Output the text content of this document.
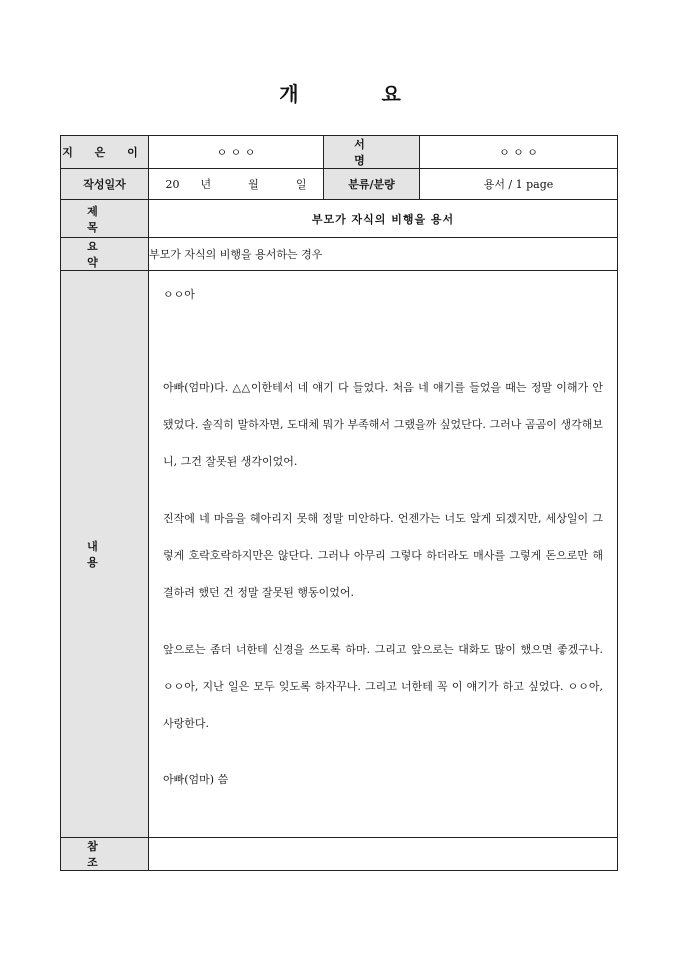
개 요
지 은 이	ㅇ ㅇ ㅇ	서 명	ㅇ ㅇ ㅇ
작성일자	20 년 월 일	분류/분량	용서 / 1 page
제 목	부모가 자식의 비행을 용서		
요 약	부모가 자식의 비행을 용서하는 경우		
내 용	ㅇㅇ아

아빠(엄마)다. △△이한테서 네 얘기 다 들었다. 처음 네 얘기를 들었을 때는 정말 이해가 안 됐었다. 솔직히 말하자면, 도대체 뭐가 부족해서 그랬을까 싶었단다. 그러나 곰곰이 생각해보니, 그건 잘못된 생각이었어.

진작에 네 마음을 헤아리지 못해 정말 미안하다. 언젠가는 너도 알게 되겠지만, 세상일이 그렇게 호락호락하지만은 않단다. 그러나 아무리 그렇다 하더라도 매사를 그렇게 돈으로만 해결하려 했던 건 정말 잘못된 행동이었어.

앞으로는 좀더 너한테 신경을 쓰도록 하마. 그리고 앞으로는 대화도 많이 했으면 좋겠구나. ㅇㅇ아, 지난 일은 모두 잊도록 하자꾸나. 그리고 너한테 꼭 이 얘기가 하고 싶었다. ㅇㅇ아, 사랑한다.

아빠(엄마) 씀		

참 조			
